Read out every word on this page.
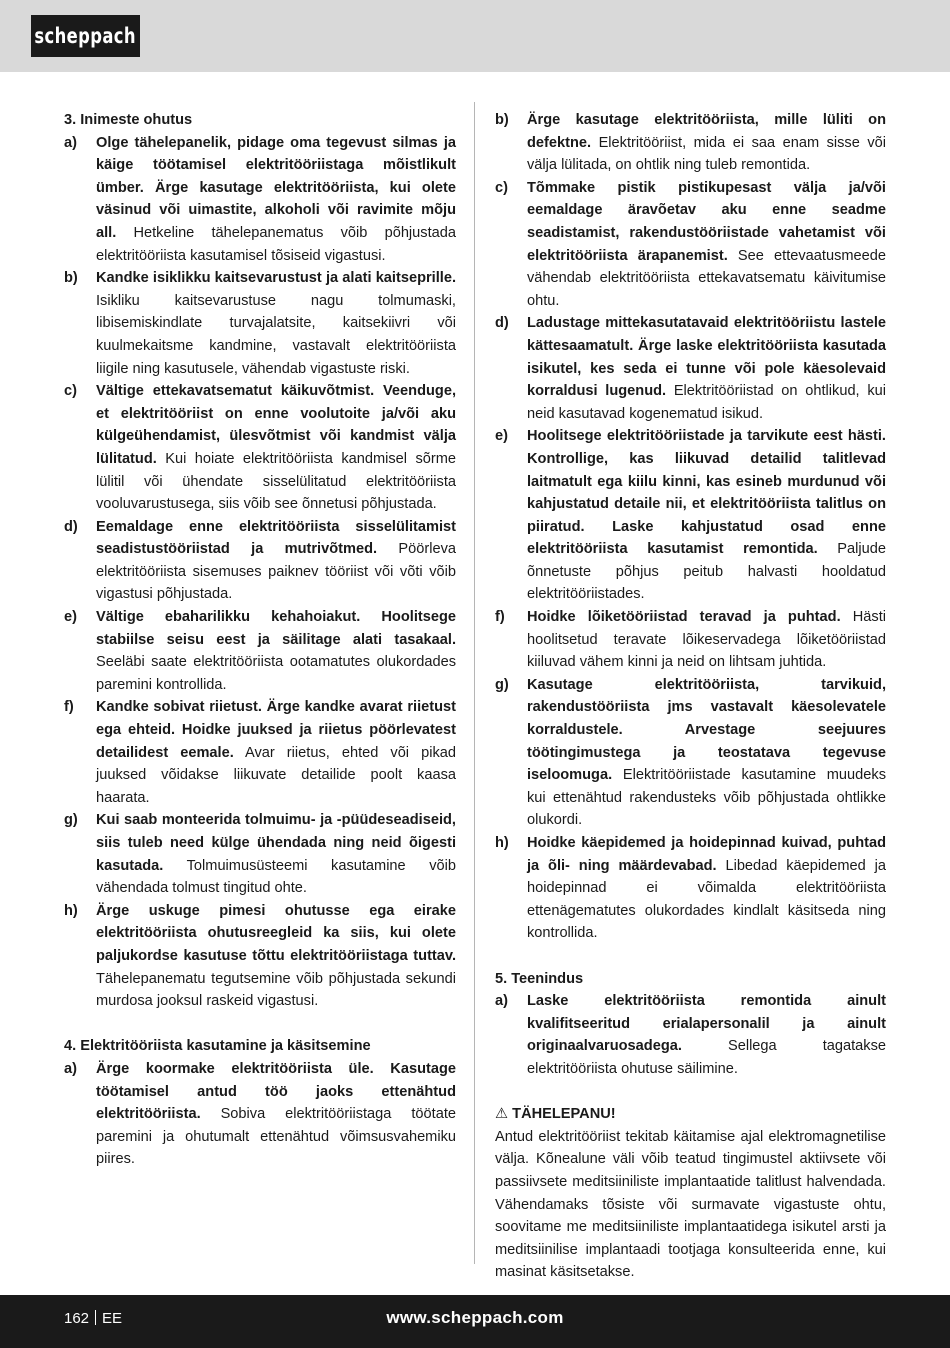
scheppach
3. Inimeste ohutus
a) Olge tähelepanelik, pidage oma tegevust silmas ja käige töötamisel elektritööriistaga mõistlikult ümber. Ärge kasutage elektritööriista, kui olete väsinud või uimastite, alkoholi või ravimite mõju all. Hetkeline tähelepanematus võib põhjustada elektritööriista kasutamisel tõsiseid vigastusi.
b) Kandke isiklikku kaitsevarustust ja alati kaitseprille. Isikliku kaitsevarustuse nagu tolmumaski, libisemiskindlate turvajalatsite, kaitsekiivri või kuulmekaitsme kandmine, vastavalt elektritööriista liigile ning kasutusele, vähendab vigastuste riski.
c) Vältige ettekavatsematut käikuvõtmist. Veenduge, et elektritööriist on enne voolutoite ja/või aku külgeühendamist, ülesvõtmist või kandmist välja lülitatud. Kui hoiate elektritööriista kandmisel sõrme lülitil või ühendate sisselülitatud elektritööriista vooluvarustusega, siis võib see õnnetusi põhjustada.
d) Eemaldage enne elektritööriista sisselülitamist seadistustööriistad ja mutrivõtmed. Pöörleva elektritööriista sisemuses paiknev tööriist või võti võib vigastusi põhjustada.
e) Vältige ebaharilikku kehahoiakut. Hoolitsege stabiilse seisu eest ja säilitage alati tasakaal. Seeläbi saate elektritööriista ootamatutes olukordades paremini kontrollida.
f) Kandke sobivat riietust. Ärge kandke avarat riietust ega ehteid. Hoidke juuksed ja riietus pöörlevatest detailidest eemale. Avar riietus, ehted või pikad juuksed võidakse liikuvate detailide poolt kaasa haarata.
g) Kui saab monteerida tolmuimu- ja -püüdeseadiseid, siis tuleb need külge ühendada ning neid õigesti kasutada. Tolmuimusüsteemi kasutamine võib vähendada tolmust tingitud ohte.
h) Ärge uskuge pimesi ohutusse ega eirake elektritööriista ohutusreegleid ka siis, kui olete paljukordse kasutuse tõttu elektritööriistaga tuttav. Tähelepanematu tegutsemine võib põhjustada sekundi murdosa jooksul raskeid vigastusi.
4. Elektritööriista kasutamine ja käsitsemine
a) Ärge koormake elektritööriista üle. Kasutage töötamisel antud töö jaoks ettenähtud elektritööriista. Sobiva elektritööriistaga töötate paremini ja ohutumalt ettenähtud võimsusvahemiku piires.
b) Ärge kasutage elektritööriista, mille lüliti on defektne. Elektritööriist, mida ei saa enam sisse või välja lülitada, on ohtlik ning tuleb remontida.
c) Tõmmake pistik pistikupesast välja ja/või eemaldage äravõetav aku enne seadme seadistamist, rakendustööriistade vahetamist või elektritööriista ärapanemist. See ettevaatusmeede vähendab elektritööriista ettekavatsematu käivitumise ohtu.
d) Ladustage mittekasutatavaid elektritööriistu lastele kättesaamatult. Ärge laske elektritööriista kasutada isikutel, kes seda ei tunne või pole käesolevaid korraldusi lugenud. Elektritööriistad on ohtlikud, kui neid kasutavad kogenematud isikud.
e) Hoolitsege elektritööriistade ja tarvikute eest hästi. Kontrollige, kas liikuvad detailid talitlevad laitmatult ega kiilu kinni, kas esineb murdunud või kahjustatud detaile nii, et elektritööriista talitlus on piiratud. Laske kahjustatud osad enne elektritööriista kasutamist remontida. Paljude õnnetuste põhjus peitub halvasti hooldatud elektritööriistades.
f) Hoidke lõiketööriistad teravad ja puhtad. Hästi hoolitsetud teravate lõikeservadega lõiketööriistad kiiluvad vähem kinni ja neid on lihtsam juhtida.
g) Kasutage elektritööriista, tarvikuid, rakendustööriista jms vastavalt käesolevatele korraldustele. Arvestage seejuures töötingimustega ja teostatava tegevuse iseloomuga. Elektritööriistade kasutamine muudeks kui ettenähtud rakendusteks võib põhjustada ohtlikke olukordi.
h) Hoidke käepidemed ja hoidepinnad kuivad, puhtad ja õli- ning määrdevabad. Libedad käepidemed ja hoidepinnad ei võimalda elektritööriista ettenägematutes olukordades kindlalt käsitseda ning kontrollida.
5. Teenindus
a) Laske elektritööriista remontida ainult kvalifitseeritud erialapersonalil ja ainult originaalvaruosadega. Sellega tagatakse elektritööriista ohutuse säilimine.
⚠ TÄHELEPANU!
Antud elektritööriist tekitab käitamise ajal elektromagnetilise välja. Kõnealune väli võib teatud tingimustel aktiivsete või passiivsete meditsiiniliste implantaatide talitlust halvendada. Vähendamaks tõsiste või surmavate vigastuste ohtu, soovitame me meditsiiniliste implantaatidega isikutel arsti ja meditsiinilise implantaadi tootjaga konsulteerida enne, kui masinat käsitsetakse.
162 EE	www.scheppach.com
